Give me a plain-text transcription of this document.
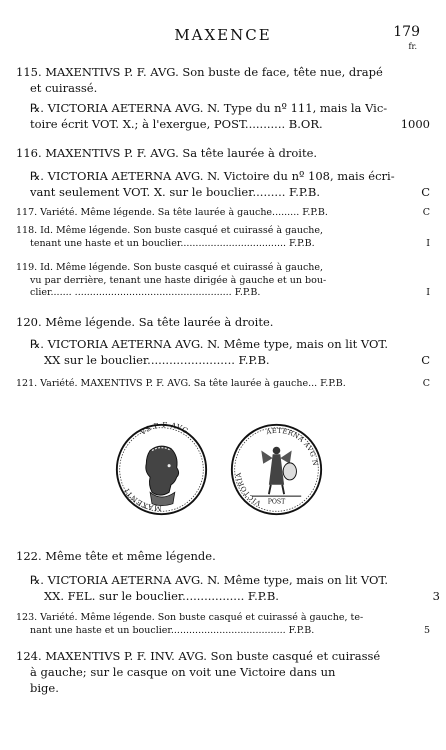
MAXENCE	179
fr.
115. MAXENTIVS P. F. AVG. Son buste de face, tête nue, drapé
et cuirassé.
℞. VICTORIA AETERNA AVG. N. Type du nº 111, mais la Vic-
toire écrit VOT. X.; à l'exergue, POST........... B.OR.	1000
116. MAXENTIVS P. F. AVG. Sa tête laurée à droite.
℞. VICTORIA AETERNA AVG. N. Victoire du nº 108, mais écri-
vant seulement VOT. X. sur le bouclier......... F.P.B.	C
117. Variété. Même légende. Sa tête laurée à gauche......... F.P.B.	C
118. Id. Même légende. Son buste casqué et cuirassé à gauche,
tenant une haste et un bouclier................................... F.P.B.	I
119. Id. Même légende. Son buste casqué et cuirassé à gauche,
vu par derrière, tenant une haste dirigée à gauche et un bou-
clier....... .................................................... F.P.B.	I
120. Même légende. Sa tête laurée à droite.
℞. VICTORIA AETERNA AVG. N. Même type, mais on lit VOT.
XX sur le bouclier........................ F.P.B.	C
121. Variété. MAXENTIVS P. F. AVG. Sa tête laurée à gauche... F.P.B.	C
MAXENTI
VS P F AVG
POST
VICTORIA
AETERNA AVG N
122. Même tête et même légende.
℞. VICTORIA AETERNA AVG. N. Même type, mais on lit VOT.
XX. FEL. sur le bouclier................. F.P.B.	3
123. Variété. Même légende. Son buste casqué et cuirassé à gauche, te-
nant une haste et un bouclier...................................... F.P.B.	5
124. MAXENTIVS P. F. INV. AVG. Son buste casqué et cuirassé
à gauche; sur le casque on voit une Victoire dans un
bige.
